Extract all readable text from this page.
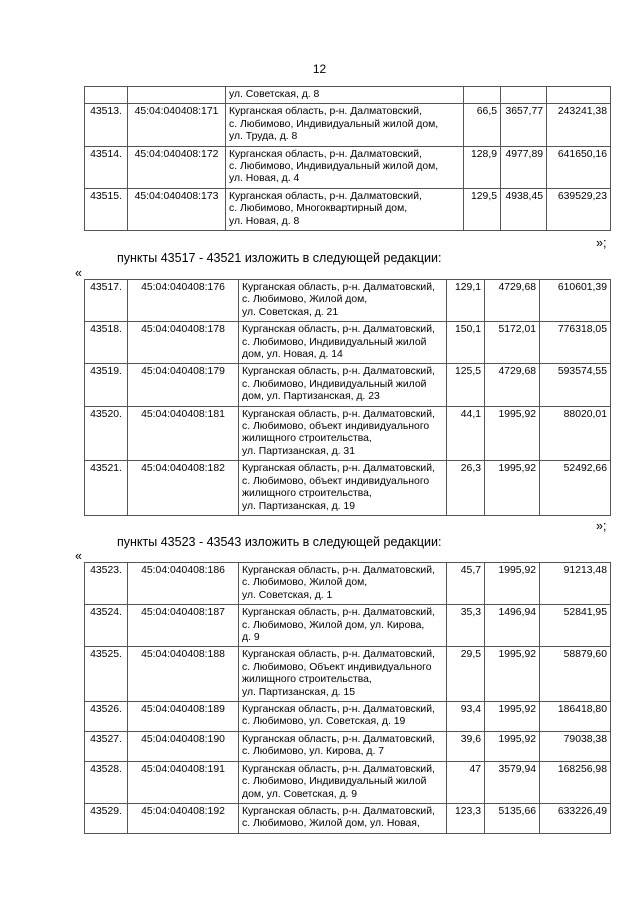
12

		ул. Советская, д. 8			

43513.	45:04:040408:171	Курганская область, р-н. Далматовский,
с. Любимово, Индивидуальный жилой дом,
ул. Труда, д. 8	66,5	3657,77	243241,38
43514.	45:04:040408:172	Курганская область, р-н. Далматовский,
с. Любимово, Индивидуальный жилой дом,
ул. Новая, д. 4	128,9	4977,89	641650,16
43515.	45:04:040408:173	Курганская область, р-н. Далматовский,
с. Любимово, Многоквартирный дом,
ул. Новая, д. 8	129,5	4938,45	639529,23
»;
пункты 43517 - 43521 изложить в следующей редакции:
«
43517.	45:04:040408:176	Курганская область, р-н. Далматовский,
с. Любимово, Жилой дом,
ул. Советская, д. 21	129,1	4729,68	610601,39
43518.	45:04:040408:178	Курганская область, р-н. Далматовский,
с. Любимово, Индивидуальный жилой
дом, ул. Новая, д. 14	150,1	5172,01	776318,05
43519.	45:04:040408:179	Курганская область, р-н. Далматовский,
с. Любимово, Индивидуальный жилой
дом, ул. Партизанская, д. 23	125,5	4729,68	593574,55
43520.	45:04:040408:181	Курганская область, р-н. Далматовский,
с. Любимово, объект индивидуального
жилищного строительства,
ул. Партизанская, д. 31	44,1	1995,92	88020,01
43521.	45:04:040408:182	Курганская область, р-н. Далматовский,
с. Любимово, объект индивидуального
жилищного строительства,
ул. Партизанская, д. 19	26,3	1995,92	52492,66
»;
пункты 43523 - 43543 изложить в следующей редакции:
«
43523.	45:04:040408:186	Курганская область, р-н. Далматовский,
с. Любимово, Жилой дом,
ул. Советская, д. 1	45,7	1995,92	91213,48
43524.	45:04:040408:187	Курганская область, р-н. Далматовский,
с. Любимово, Жилой дом, ул. Кирова,
д. 9	35,3	1496,94	52841,95
43525.	45:04:040408:188	Курганская область, р-н. Далматовский,
с. Любимово, Объект индивидуального
жилищного строительства,
ул. Партизанская, д. 15	29,5	1995,92	58879,60
43526.	45:04:040408:189	Курганская область, р-н. Далматовский,
с. Любимово, ул. Советская, д. 19	93,4	1995,92	186418,80
43527.	45:04:040408:190	Курганская область, р-н. Далматовский,
с. Любимово, ул. Кирова, д. 7	39,6	1995,92	79038,38
43528.	45:04:040408:191	Курганская область, р-н. Далматовский,
с. Любимово, Индивидуальный жилой
дом, ул. Советская, д. 9	47	3579,94	168256,98
43529.	45:04:040408:192	Курганская область, р-н. Далматовский,
с. Любимово, Жилой дом, ул. Новая,	123,3	5135,66	633226,49
